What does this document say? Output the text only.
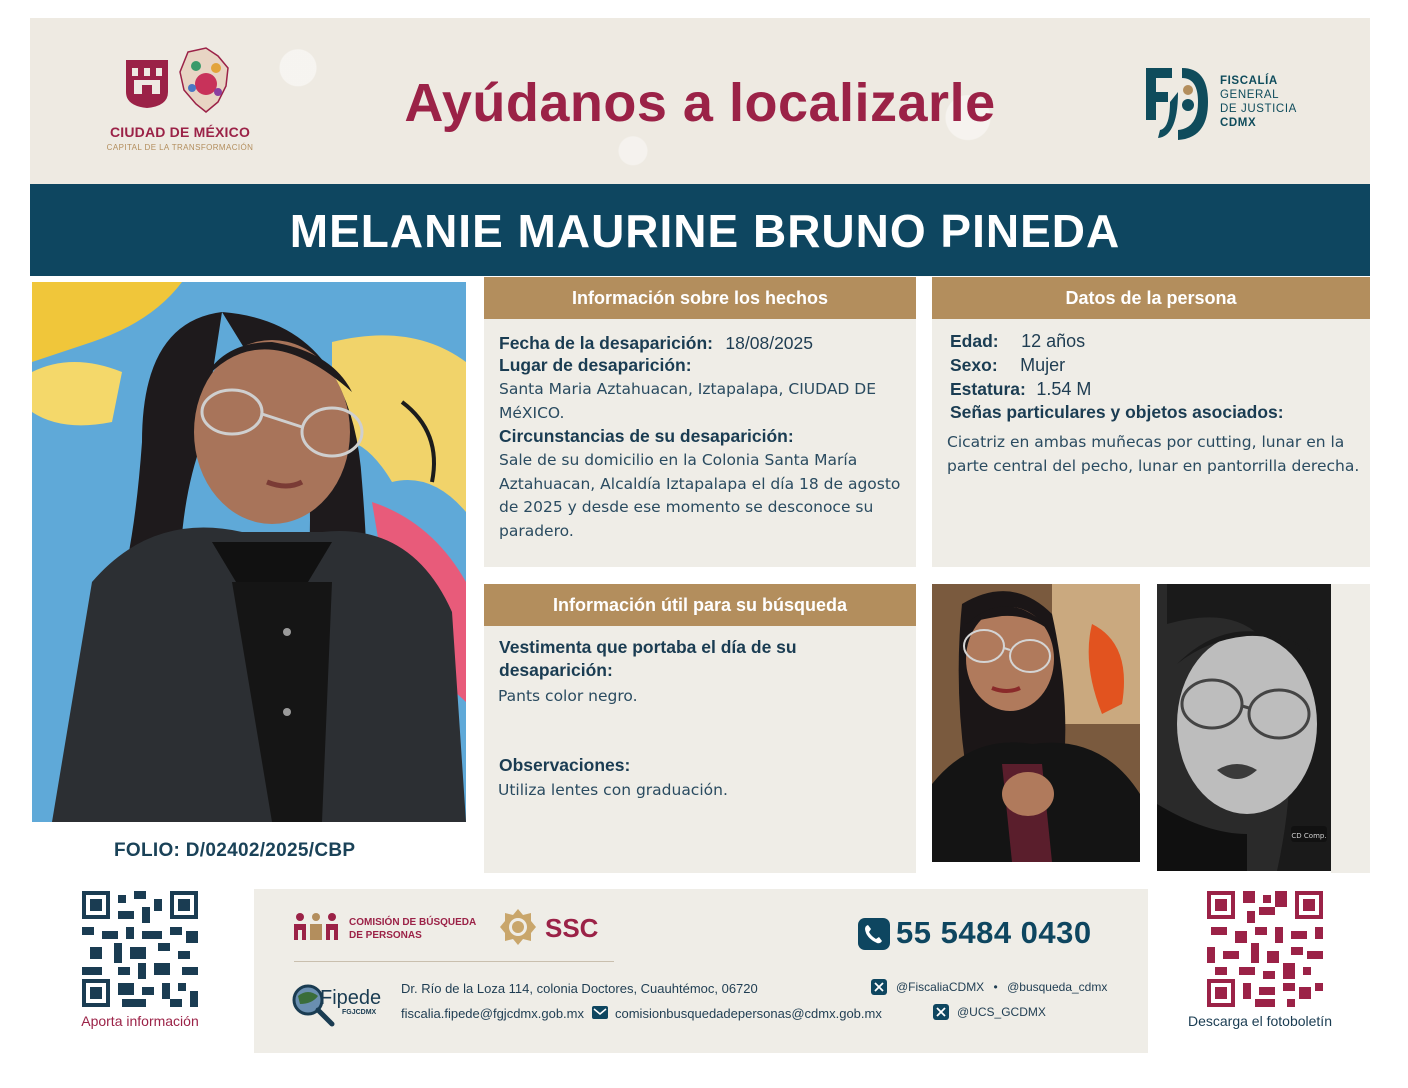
CIUDAD DE MÉXICO
CAPITAL DE LA TRANSFORMACIÓN
Ayúdanos a localizarle	FISCALÍA
GENERAL
DE JUSTICIA
CDMX
MELANIE MAURINE BRUNO PINEDA
FOLIO: D/02402/2025/CBP
Información sobre los hechos
Fecha de la desaparición: 18/08/2025
Lugar de desaparición:
Santa Maria Aztahuacan, Iztapalapa, CIUDAD DE MéXICO.
Circunstancias de su desaparición:
Sale de su domicilio en la Colonia Santa María Aztahuacan, Alcaldía Iztapalapa el día 18 de agosto de 2025 y desde ese momento se desconoce su paradero.
Datos de la persona
Edad: 12 años
Sexo: Mujer
Estatura: 1.54 M
Señas particulares y objetos asociados:
Cicatriz en ambas muñecas por cutting, lunar en la parte central del pecho, lunar en pantorrilla derecha.
Información útil para su búsqueda
Vestimenta que portaba el día de su desaparición:
Pants color negro.
Observaciones:
Utiliza lentes con graduación.
CD Comp.
Aporta información
COMISIÓN DE BÚSQUEDA
DE PERSONAS	SSC	55 5484 0430
Fipede
FGJCDMX
Dr. Río de la Loza 114, colonia Doctores, Cuauhtémoc, 06720
fiscalia.fipede@fgjcdmx.gob.mx comisionbusquedadepersonas@cdmx.gob.mx
@FiscaliaCDMX • @busqueda_cdmx
@UCS_GCDMX
Descarga el fotoboletín
